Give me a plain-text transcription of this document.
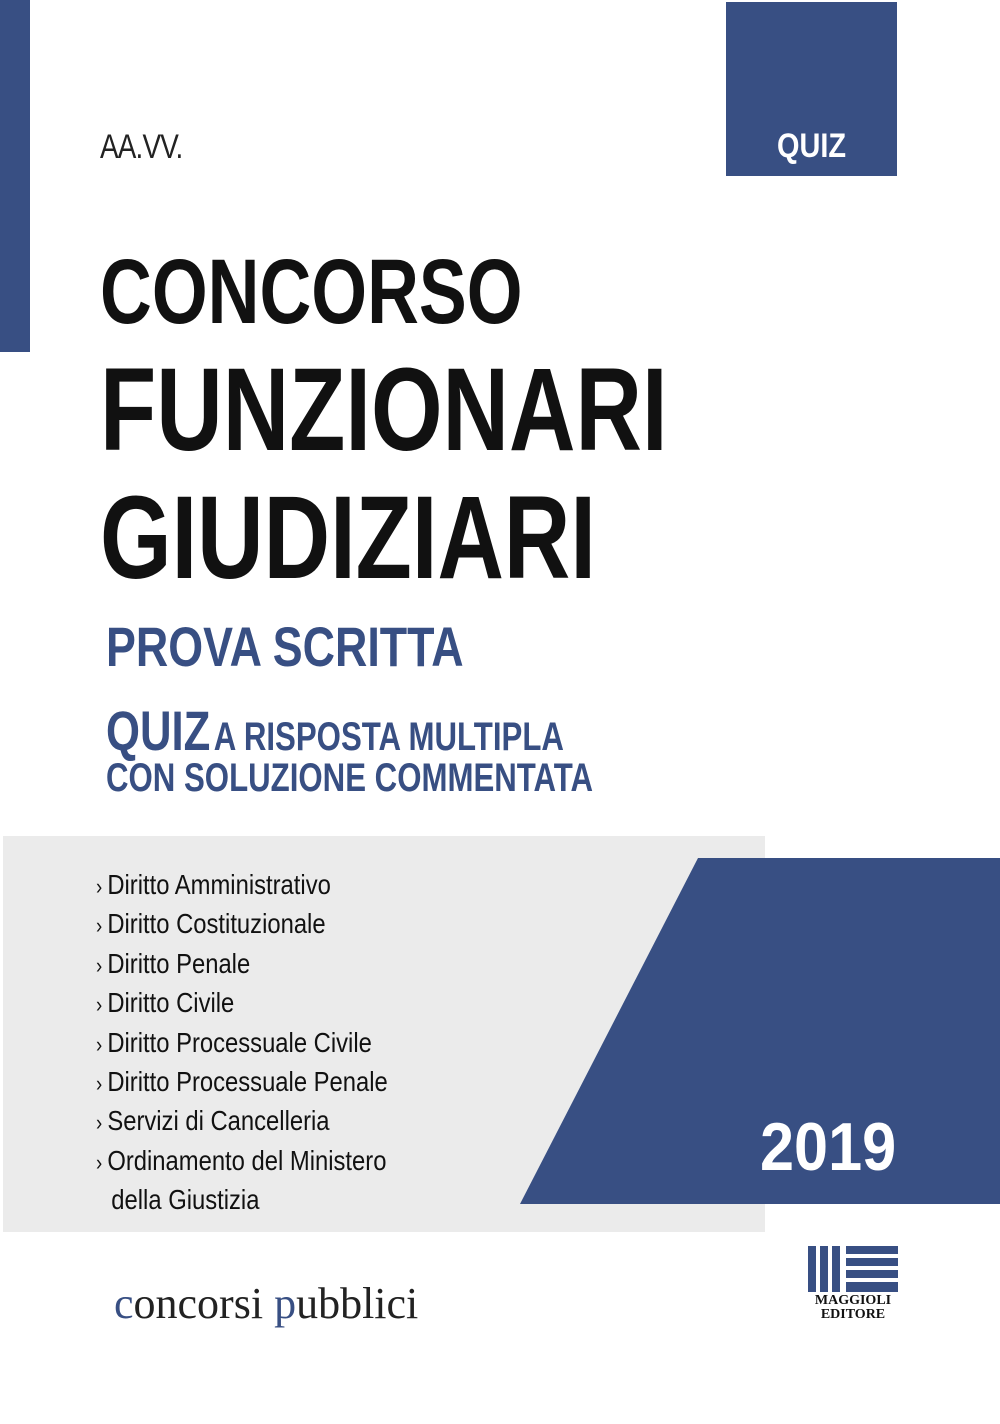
QUIZ
AA.VV.
CONCORSO
FUNZIONARI
GIUDIZIARI
PROVA SCRITTA
QUIZ A RISPOSTA MULTIPLA
CON SOLUZIONE COMMENTATA
› Diritto Amministrativo
› Diritto Costituzionale
› Diritto Penale
› Diritto Civile
› Diritto Processuale Civile
› Diritto Processuale Penale
› Servizi di Cancelleria
› Ordinamento del Ministero
della Giustizia
2019
concorsi pubblici	MAGGIOLI
EDITORE
